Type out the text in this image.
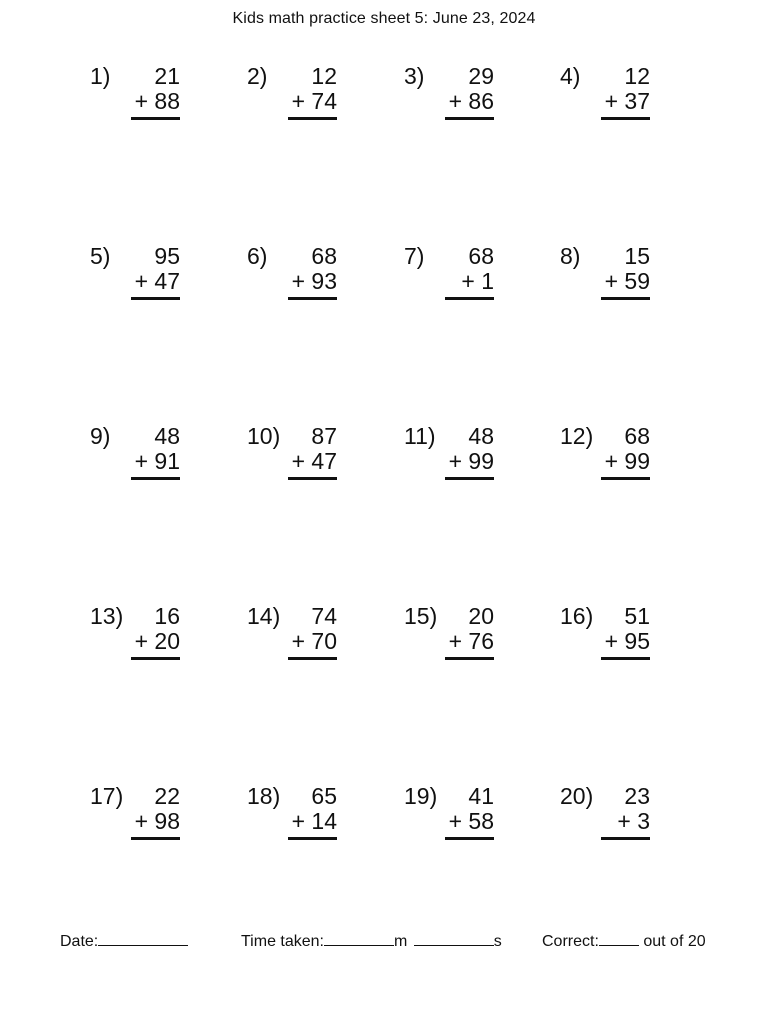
Kids math practice sheet 5: June 23, 2024
1) 21
+ 88
2) 12
+ 74
3) 29
+ 86
4) 12
+ 37
5) 95
+ 47
6) 68
+ 93
7) 68
+ 1
8) 15
+ 59
9) 48
+ 91
10) 87
+ 47
11) 48
+ 99
12) 68
+ 99
13) 16
+ 20
14) 74
+ 70
15) 20
+ 76
16) 51
+ 95
17) 22
+ 98
18) 65
+ 14
19) 41
+ 58
20) 23
+ 3
Date:	Time taken:	m	s	Correct:	out of 20
